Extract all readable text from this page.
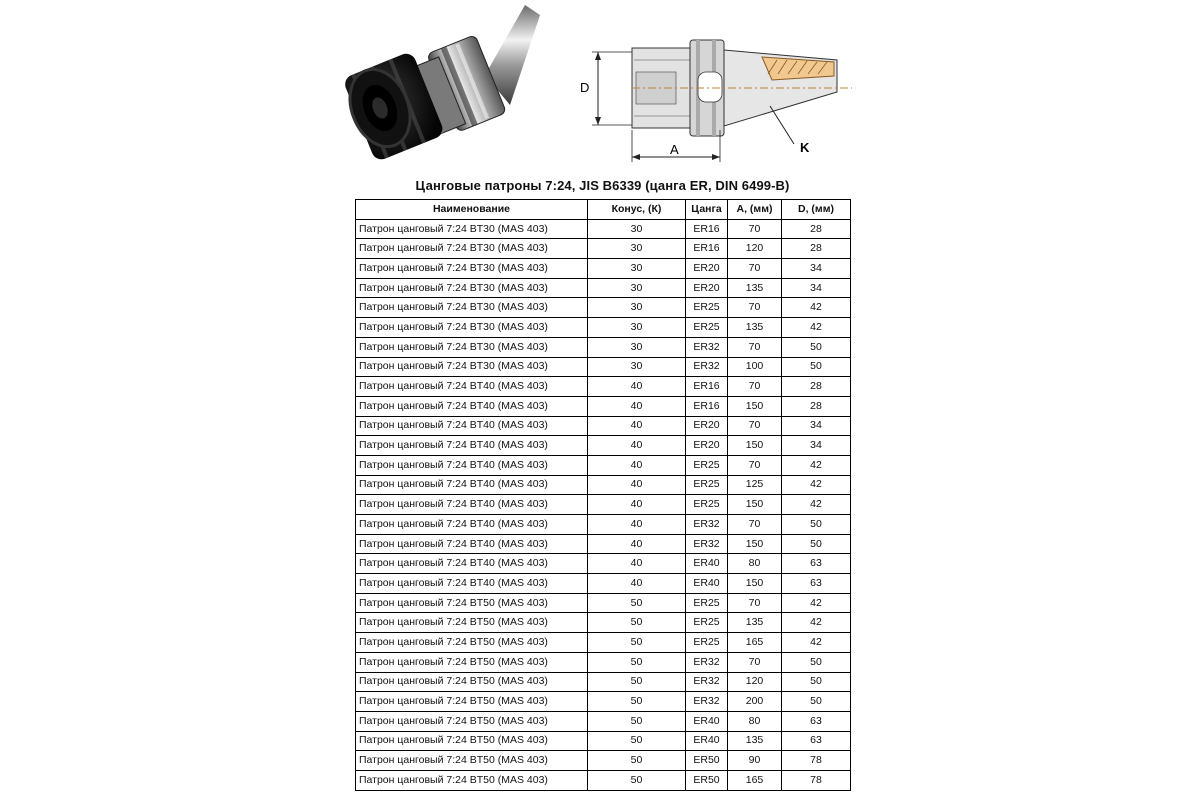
D
A	K
Цанговые патроны 7:24, JIS B6339 (цанга ER, DIN 6499-B)
Наименование	Конус, (К)	Цанга	А, (мм)	D, (мм)
Патрон цанговый 7:24 BT30 (MAS 403)	30	ER16	70	28
Патрон цанговый 7:24 BT30 (MAS 403)	30	ER16	120	28
Патрон цанговый 7:24 BT30 (MAS 403)	30	ER20	70	34
Патрон цанговый 7:24 BT30 (MAS 403)	30	ER20	135	34
Патрон цанговый 7:24 BT30 (MAS 403)	30	ER25	70	42
Патрон цанговый 7:24 BT30 (MAS 403)	30	ER25	135	42
Патрон цанговый 7:24 BT30 (MAS 403)	30	ER32	70	50
Патрон цанговый 7:24 BT30 (MAS 403)	30	ER32	100	50
Патрон цанговый 7:24 BT40 (MAS 403)	40	ER16	70	28
Патрон цанговый 7:24 BT40 (MAS 403)	40	ER16	150	28
Патрон цанговый 7:24 BT40 (MAS 403)	40	ER20	70	34
Патрон цанговый 7:24 BT40 (MAS 403)	40	ER20	150	34
Патрон цанговый 7:24 BT40 (MAS 403)	40	ER25	70	42
Патрон цанговый 7:24 BT40 (MAS 403)	40	ER25	125	42
Патрон цанговый 7:24 BT40 (MAS 403)	40	ER25	150	42
Патрон цанговый 7:24 BT40 (MAS 403)	40	ER32	70	50
Патрон цанговый 7:24 BT40 (MAS 403)	40	ER32	150	50
Патрон цанговый 7:24 BT40 (MAS 403)	40	ER40	80	63
Патрон цанговый 7:24 BT40 (MAS 403)	40	ER40	150	63
Патрон цанговый 7:24 BT50 (MAS 403)	50	ER25	70	42
Патрон цанговый 7:24 BT50 (MAS 403)	50	ER25	135	42
Патрон цанговый 7:24 BT50 (MAS 403)	50	ER25	165	42
Патрон цанговый 7:24 BT50 (MAS 403)	50	ER32	70	50
Патрон цанговый 7:24 BT50 (MAS 403)	50	ER32	120	50
Патрон цанговый 7:24 BT50 (MAS 403)	50	ER32	200	50
Патрон цанговый 7:24 BT50 (MAS 403)	50	ER40	80	63
Патрон цанговый 7:24 BT50 (MAS 403)	50	ER40	135	63
Патрон цанговый 7:24 BT50 (MAS 403)	50	ER50	90	78
Патрон цанговый 7:24 BT50 (MAS 403)	50	ER50	165	78
